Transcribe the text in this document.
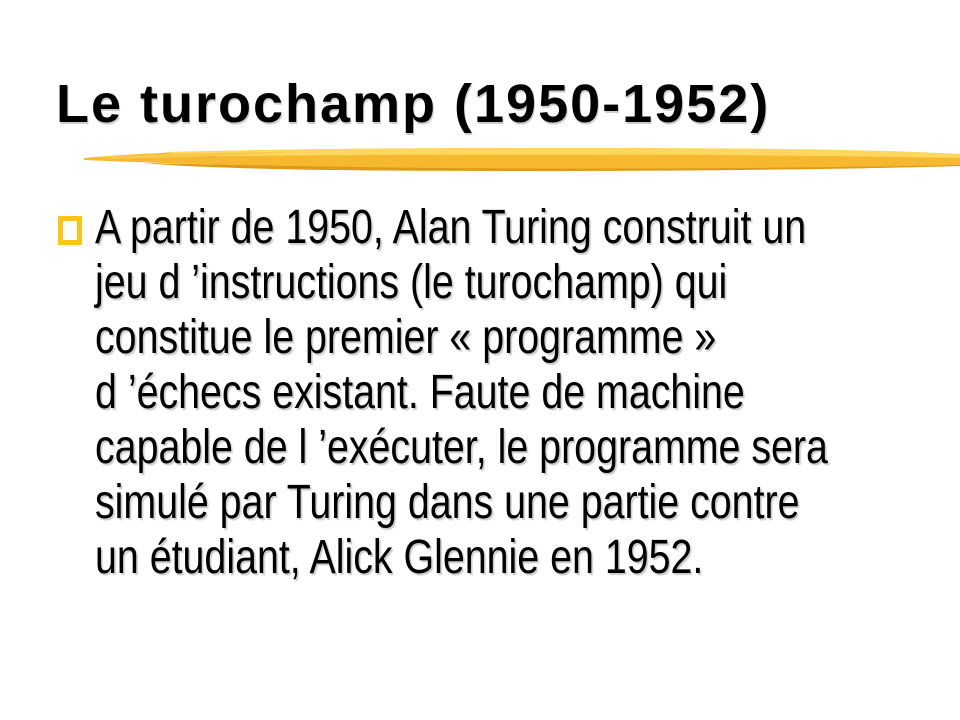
Le turochamp (1950-1952)
A partir de 1950, Alan Turing construit un
jeu d ’instructions (le turochamp) qui
constitue le premier « programme »
d ’échecs existant. Faute de machine
capable de l ’exécuter, le programme sera
simulé par Turing dans une partie contre
un étudiant, Alick Glennie en 1952.
